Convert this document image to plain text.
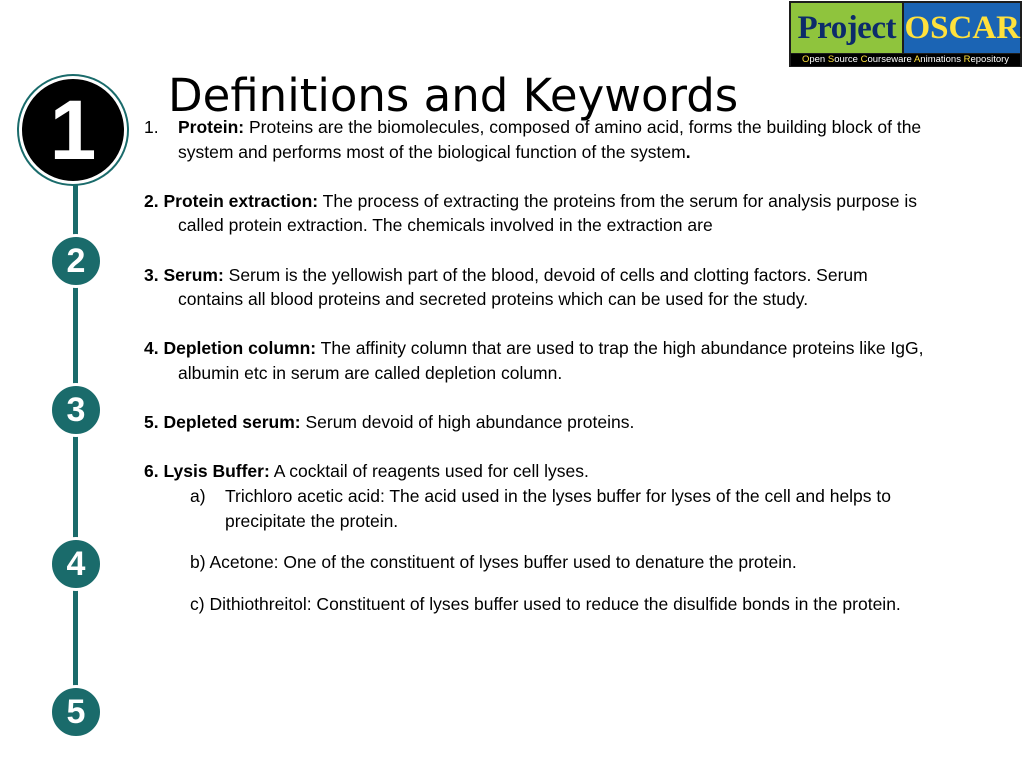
Project OSCAR
Open Source Courseware Animations Repository
1
2
3
4
5
Definitions and Keywords

1. Protein: Proteins are the biomolecules, composed of amino acid, forms the building block of the system and performs most of the biological function of the system.

2. Protein extraction: The process of extracting the proteins from the serum for analysis purpose is called protein extraction. The chemicals involved in the extraction are

3. Serum: Serum is the yellowish part of the blood, devoid of cells and clotting factors. Serum contains all blood proteins and secreted proteins which can be used for the study.

4. Depletion column: The affinity column that are used to trap the high abundance proteins like IgG, albumin etc in serum are called depletion column.

5. Depleted serum: Serum devoid of high abundance proteins.

6. Lysis Buffer: A cocktail of reagents used for cell lyses.

a) Trichloro acetic acid: The acid used in the lyses buffer for lyses of the cell and helps to precipitate the protein.

b) Acetone: One of the constituent of lyses buffer used to denature the protein.

c) Dithiothreitol: Constituent of lyses buffer used to reduce the disulfide bonds in the protein.
